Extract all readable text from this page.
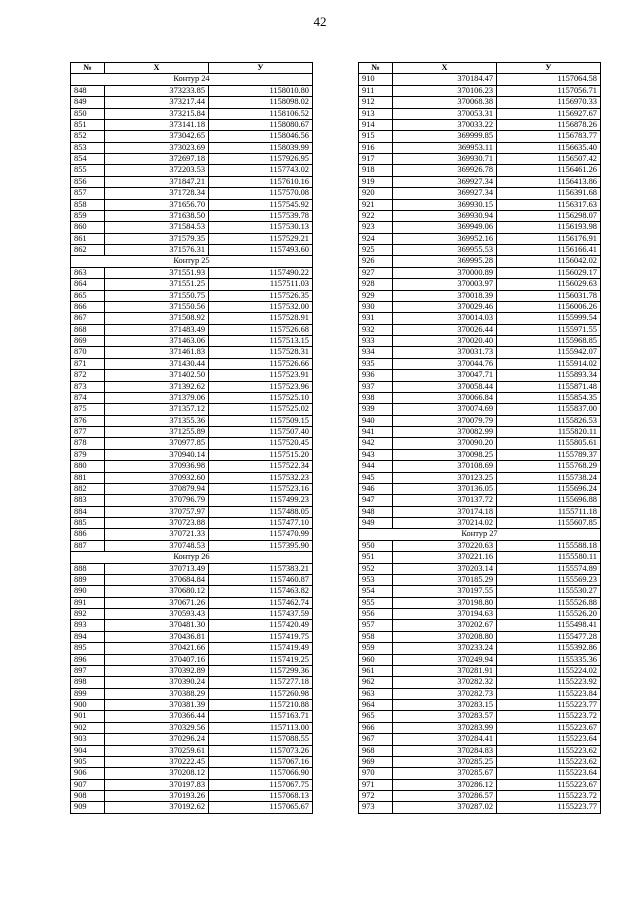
42
№	X	У
Контур 24		
848	373233.85	1158010.80
849	373217.44	1158098.02
850	373215.84	1158106.52
851	373141.18	1158080.67
852	373042.65	1158046.56
853	373023.69	1158039.99
854	372697.18	1157926.95
855	372203.53	1157743.02
856	371847.21	1157610.16
857	371728.34	1157570.08
858	371656.70	1157545.92
859	371638.50	1157539.78
860	371584.53	1157530.13
861	371579.35	1157529.21
862	371576.31	1157493.60
Контур 25		
863	371551.93	1157490.22
864	371551.25	1157511.03
865	371550.75	1157526.35
866	371550.56	1157532.00
867	371508.92	1157528.91
868	371483.49	1157526.68
869	371463.06	1157513.15
870	371461.83	1157528.31
871	371430.44	1157526.66
872	371402.50	1157523.91
873	371392.62	1157523.96
874	371379.06	1157525.10
875	371357.12	1157525.02
876	371355.36	1157509.15
877	371255.89	1157507.40
878	370977.85	1157520.45
879	370940.14	1157515.20
880	370936.98	1157522.34
881	370932.60	1157532.23
882	370879.94	1157523.16
883	370796.79	1157499.23
884	370757.97	1157488.05
885	370723.88	1157477.10
886	370721.33	1157470.99
887	370748.53	1157395.90
Контур 26		
888	370713.49	1157383.21
889	370684.84	1157460.87
890	370680.12	1157463.82
891	370671.26	1157462.74
892	370593.43	1157437.59
893	370481.30	1157420.49
894	370436.81	1157419.75
895	370421.66	1157419.49
896	370407.16	1157419.25
897	370392.89	1157299.36
898	370390.24	1157277.18
899	370388.29	1157260.98
900	370381.39	1157210.88
901	370366.44	1157163.71
902	370329.56	1157113.00
903	370296.24	1157088.55
904	370259.61	1157073.26
905	370222.45	1157067.16
906	370208.12	1157066.90
907	370197.83	1157067.75
908	370193.26	1157068.13
909	370192.62	1157065.67
№	X	У
910	370184.47	1157064.58
911	370106.23	1157056.71
912	370068.38	1156970.33
913	370053.31	1156927.67
914	370033.22	1156878.26
915	369999.85	1156783.77
916	369953.11	1156635.40
917	369930.71	1156507.42
918	369926.78	1156461.26
919	369927.34	1156413.86
920	369927.34	1156391.68
921	369930.15	1156317.63
922	369930.94	1156298.07
923	369949.06	1156193.98
924	369952.16	1156176.91
925	369955.53	1156166.41
926	369995.28	1156042.02
927	370000.89	1156029.17
928	370003.97	1156029.63
929	370018.39	1156031.78
930	370029.46	1156006.26
931	370014.03	1155999.54
932	370026.44	1155971.55
933	370020.40	1155968.85
934	370031.73	1155942.07
935	370044.76	1155914.02
936	370047.71	1155893.34
937	370058.44	1155871.48
938	370066.84	1155854.35
939	370074.69	1155837.00
940	370079.79	1155826.53
941	370082.99	1155820.11
942	370090.20	1155805.61
943	370098.25	1155789.37
944	370108.69	1155768.29
945	370123.25	1155738.24
946	370136.05	1155696.24
947	370137.72	1155696.88
948	370174.18	1155711.18
949	370214.02	1155607.85
Контур 27		
950	370220.63	1155588.18
951	370221.16	1155580.11
952	370203.14	1155574.89
953	370185.29	1155569.23
954	370197.55	1155530.27
955	370198.80	1155526.88
956	370194.63	1155526.20
957	370202.67	1155498.41
958	370208.80	1155477.28
959	370233.24	1155392.86
960	370249.94	1155335.36
961	370281.91	1155224.02
962	370282.32	1155223.92
963	370282.73	1155223.84
964	370283.15	1155223.77
965	370283.57	1155223.72
966	370283.99	1155223.67
967	370284.41	1155223.64
968	370284.83	1155223.62
969	370285.25	1155223.62
970	370285.67	1155223.64
971	370286.12	1155223.67
972	370286.57	1155223.72
973	370287.02	1155223.77
